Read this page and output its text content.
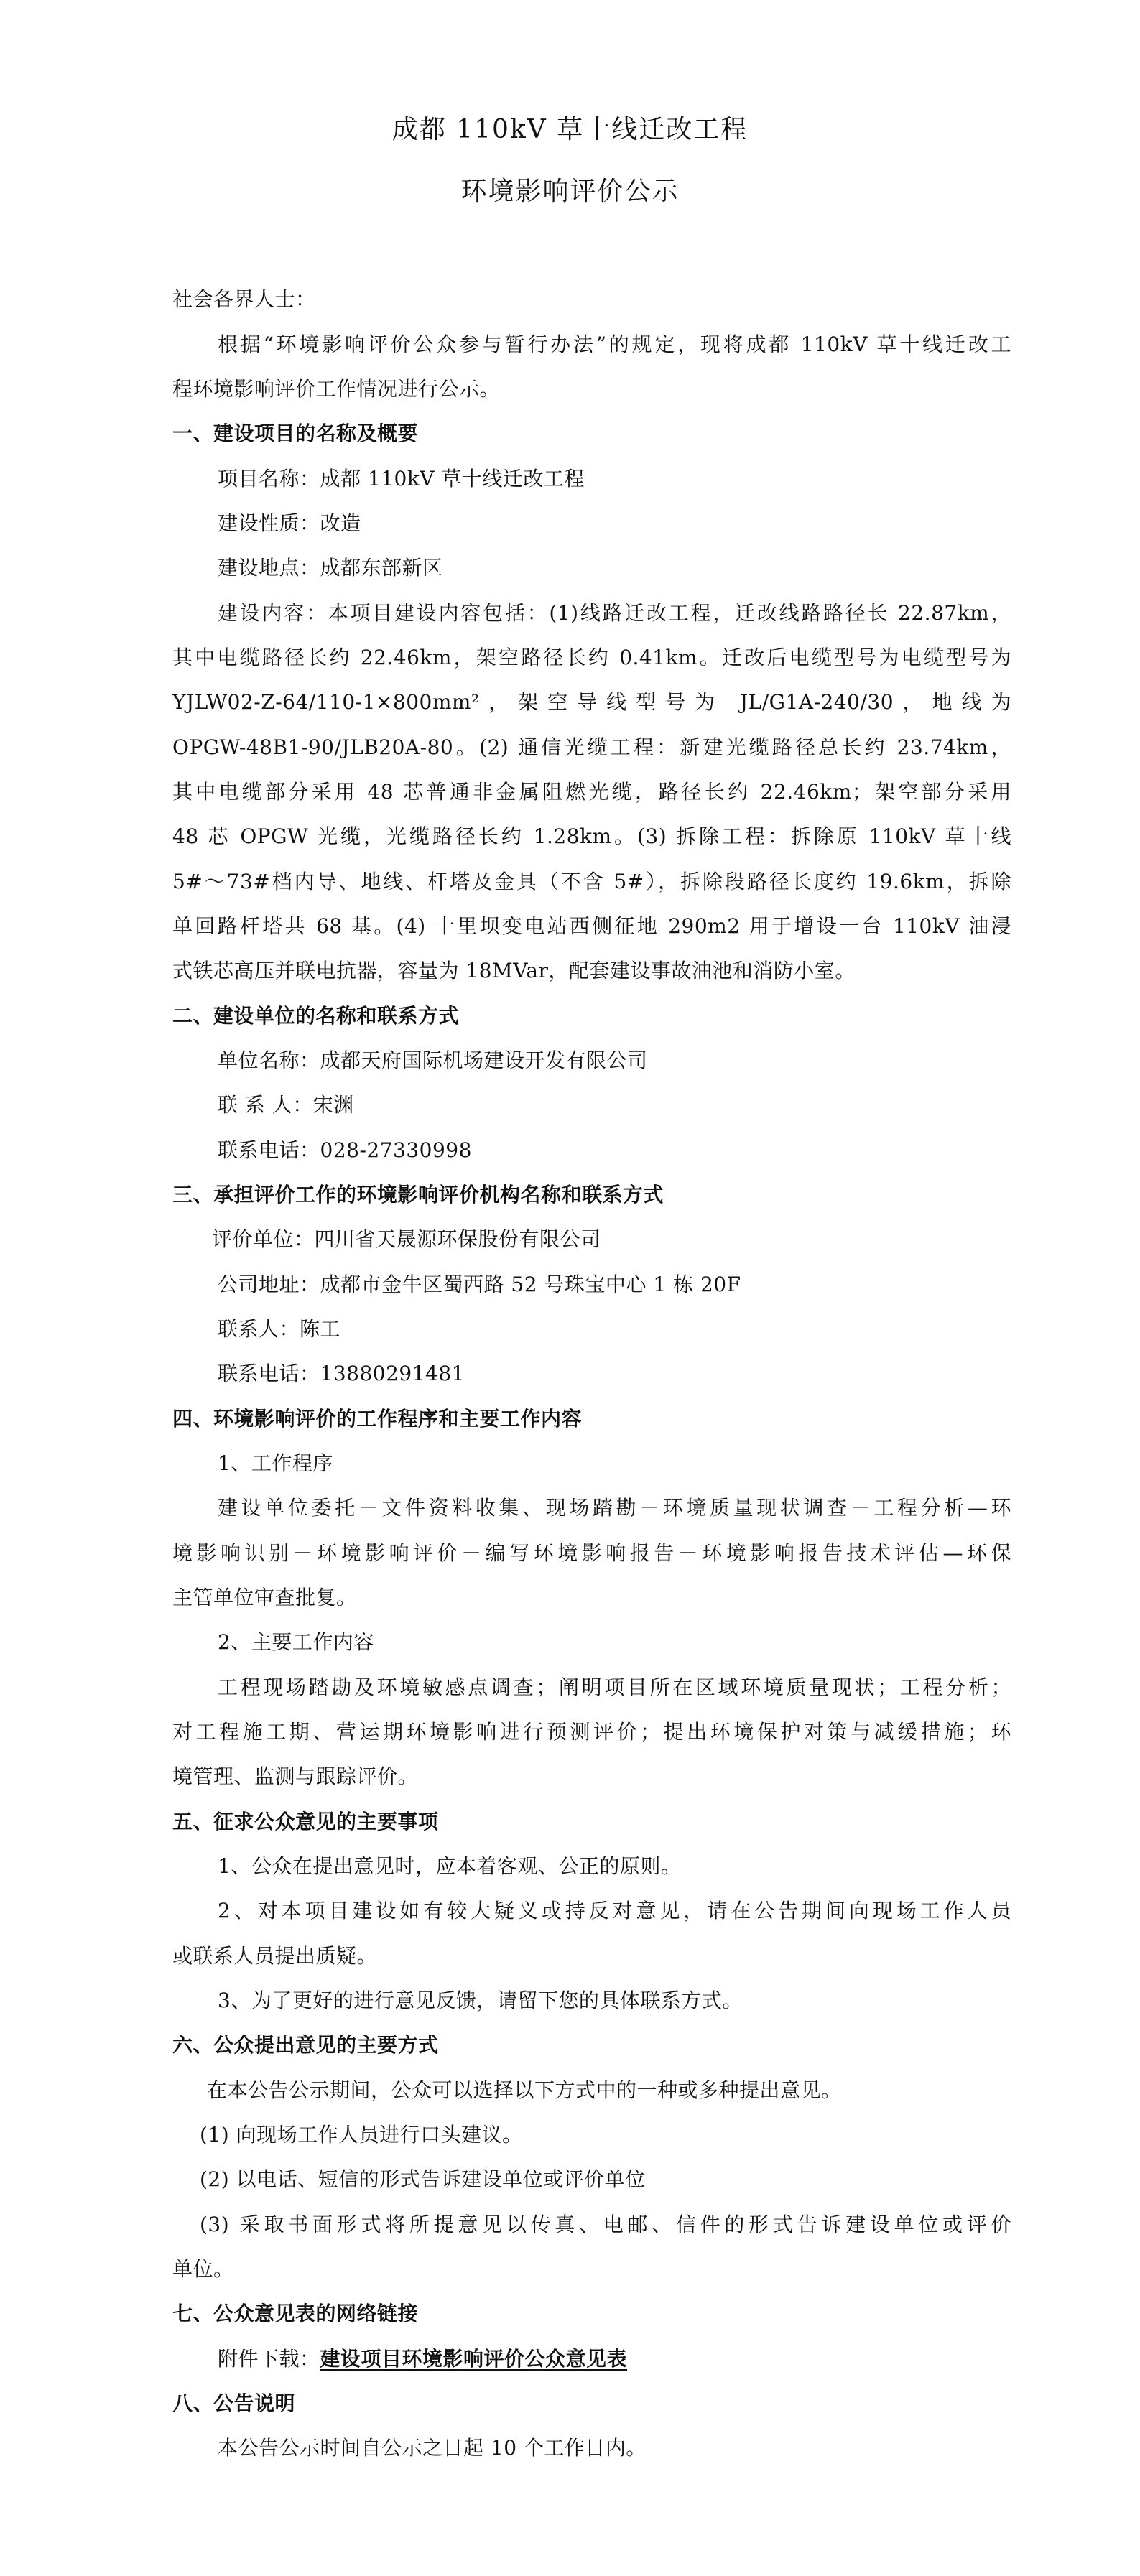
成都 110kV 草十线迁改工程
环境影响评价公示
社会各界人士：
根据“环境影响评价公众参与暂行办法”的规定，现将成都 110kV 草十线迁改工
程环境影响评价工作情况进行公示。
一、建设项目的名称及概要
项目名称：成都 110kV 草十线迁改工程
建设性质：改造
建设地点：成都东部新区
建设内容：本项目建设内容包括：(1)线路迁改工程，迁改线路路径长 22.87km，
其中电缆路径长约 22.46km，架空路径长约 0.41km。迁改后电缆型号为电缆型号为
YJLW02-Z-64/110-1×800mm²，架空导线型号为 JL/G1A-240/30，地线为
OPGW-48B1-90/JLB20A-80。(2) 通信光缆工程：新建光缆路径总长约 23.74km，
其中电缆部分采用 48 芯普通非金属阻燃光缆，路径长约 22.46km；架空部分采用
48 芯 OPGW 光缆，光缆路径长约 1.28km。(3) 拆除工程：拆除原 110kV 草十线
5#～73#档内导、地线、杆塔及金具（不含 5#），拆除段路径长度约 19.6km，拆除
单回路杆塔共 68 基。(4) 十里坝变电站西侧征地 290m2 用于增设一台 110kV 油浸
式铁芯高压并联电抗器，容量为 18MVar，配套建设事故油池和消防小室。
二、建设单位的名称和联系方式
单位名称：成都天府国际机场建设开发有限公司
联 系 人：宋渊
联系电话：028-27330998
三、承担评价工作的环境影响评价机构名称和联系方式
评价单位：四川省天晟源环保股份有限公司
公司地址：成都市金牛区蜀西路 52 号珠宝中心 1 栋 20F
联系人：陈工
联系电话：13880291481
四、环境影响评价的工作程序和主要工作内容
1、工作程序
建设单位委托－文件资料收集、现场踏勘－环境质量现状调查－工程分析—环
境影响识别－环境影响评价－编写环境影响报告－环境影响报告技术评估—环保
主管单位审查批复。
2、主要工作内容
工程现场踏勘及环境敏感点调查；阐明项目所在区域环境质量现状；工程分析；
对工程施工期、营运期环境影响进行预测评价；提出环境保护对策与减缓措施；环
境管理、监测与跟踪评价。
五、征求公众意见的主要事项
1、公众在提出意见时，应本着客观、公正的原则。
2、对本项目建设如有较大疑义或持反对意见，请在公告期间向现场工作人员
或联系人员提出质疑。
3、为了更好的进行意见反馈，请留下您的具体联系方式。
六、公众提出意见的主要方式
在本公告公示期间，公众可以选择以下方式中的一种或多种提出意见。
(1) 向现场工作人员进行口头建议。
(2) 以电话、短信的形式告诉建设单位或评价单位
(3) 采取书面形式将所提意见以传真、电邮、信件的形式告诉建设单位或评价
单位。
七、公众意见表的网络链接
附件下载：建设项目环境影响评价公众意见表
八、公告说明
本公告公示时间自公示之日起 10 个工作日内。
